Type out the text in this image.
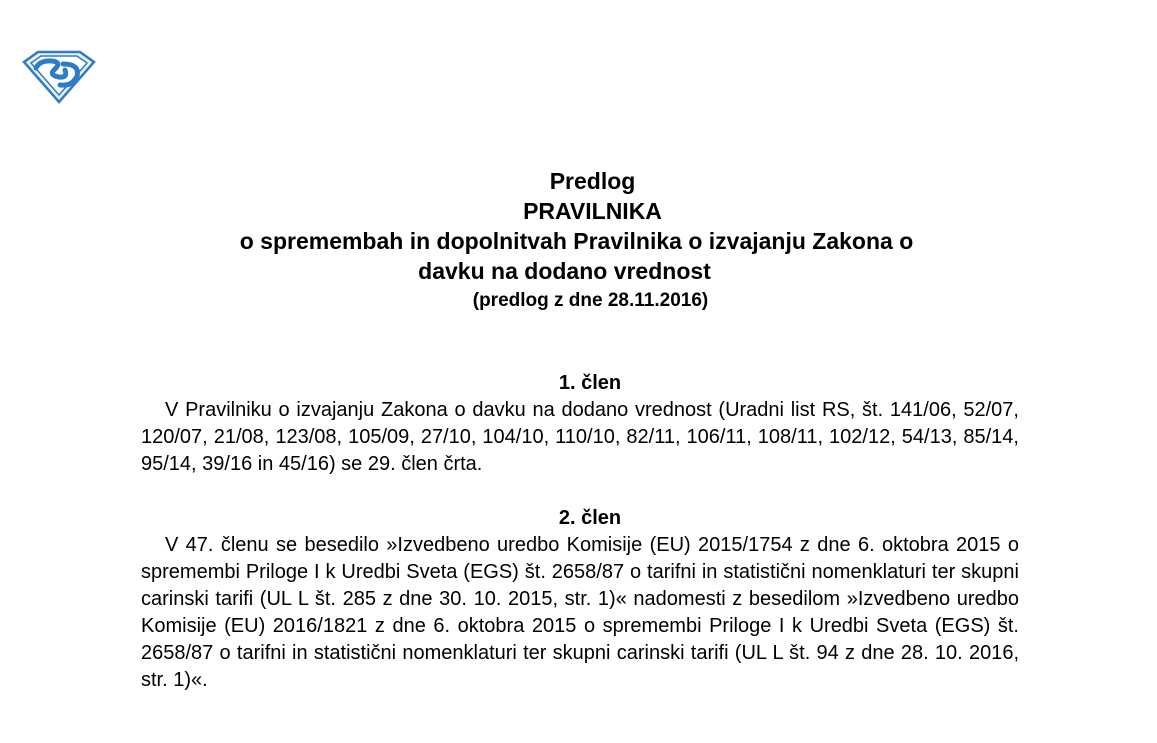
Predlog
PRAVILNIKA
o spremembah in dopolnitvah Pravilnika o izvajanju Zakona o
davku na dodano vrednost
(predlog z dne 28.11.2016)
1. člen

V Pravilniku o izvajanju Zakona o davku na dodano vrednost (Uradni list RS, št. 141/06, 52/07, 120/07, 21/08, 123/08, 105/09, 27/10, 104/10, 110/10, 82/11, 106/11, 108/11, 102/12, 54/13, 85/14, 95/14, 39/16 in 45/16) se 29. člen črta.

2. člen

V 47. členu se besedilo »Izvedbeno uredbo Komisije (EU) 2015/1754 z dne 6. oktobra 2015 o spremembi Priloge I k Uredbi Sveta (EGS) št. 2658/87 o tarifni in statistični nomenklaturi ter skupni carinski tarifi (UL L št. 285 z dne 30. 10. 2015, str. 1)« nadomesti z besedilom »Izvedbeno uredbo Komisije (EU) 2016/1821 z dne 6. oktobra 2015 o spremembi Priloge I k Uredbi Sveta (EGS) št. 2658/87 o tarifni in statistični nomenklaturi ter skupni carinski tarifi (UL L št. 94 z dne 28. 10. 2016, str. 1)«.
